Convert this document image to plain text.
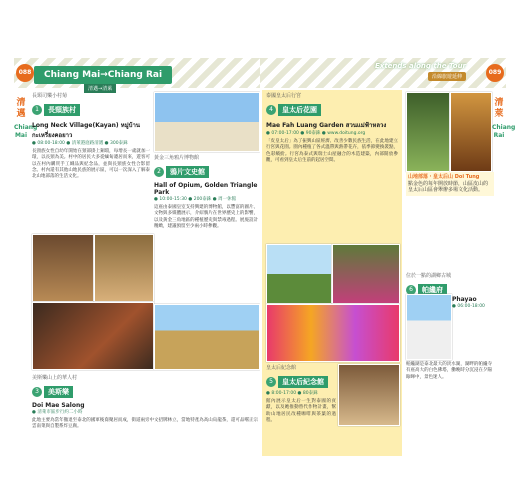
088	Chiang Mai→Chiang Rai
清邁→清萊
清邁
Chiang Mai
長頸司樂小村菊
1 長頸族村
Long Neck Village(Kayan) หมู่บ้านกะเหรี่ยงคอยาว
● 08:00-18:00 ● 清萊港庭路清邁 ● 300泰銖
長頸族女性自幼年開始在頸部掛上銅環，每增長一歲就加一環，以長頸為美。村中的居民大多從緬甸遷居而來，遊客可以在村內購買手工織品與紀念品，並與長頸族女性合影留念。村內還有其他山地民族的展示區，可以一次深入了解泰北山地部落的生活文化。
黃金三角鴉片博物館
2 鴉片文史館
Hall of Opium, Golden Triangle Park
● 10:00-15:30 ● 200泰銖 ● 周一休館
這座由泰國皇室支持興建的博物館，以豐富的圖片、文物與多媒體展示，介紹鴉片在世界歷史上的影響，以及黃金三角地區的種植歷史與禁毒過程。展廃設計精緻，建議預留至少兩小時參觀。
美斯樂山上的華人村
3 美斯樂
Doi Mae Salong
● 清萊市區步行約二小時
此地主要為當年撤退至泰北的國軍後裔聚居而成，街道兩旁中文招牌林立，當地特產為高山烏龍茶，還可品嚐正宗雲南菜與自製系炸豆腐。
Extends along the Tour
沿線旅遊延伸
089
清萊
Chiang Rai
泰國皇太后行宮
4 皇太后花園
Mae Fah Luang Garden สวนแม่ฟ้าหลวง
● 07:00-17:00 ● 90泰銖 ● www.doitung.org
「皮皇太后」為了振興山區經濟、改善少數民族生活，在此地建立行宮與花園。園內種植了各式溫帶與熱帶花卉，依季節變換裝點，色彩繽紛。行宮為泰式與瑞士山屋融合的木造建築，內部開放參觀，可看到皇太后生前的起居空間。
皇太后紀念館
5 皇太后紀念館
● 8:00-17:00 ● 80泰銖
館內展示皇太后一生對泰國的貢獻，以及她推動替代作物計畫，幫助山地居民改種咖啡與茶葉的過程。
山地部落・皇太后山 Doi Tung
點金色的每年開放時節，山區皮山的皇太后山區會舉辦多場文化活動。
位於一點的湖鄉古城
6 帕纔府
Phayao
● 06:00-18:00
帕纔湖是泰北最大的淡水湖，湖畔的帕纔寺有座高大的白色佛塔，働晚時分沉浸在夕陽餘暉中，景色迷人。
